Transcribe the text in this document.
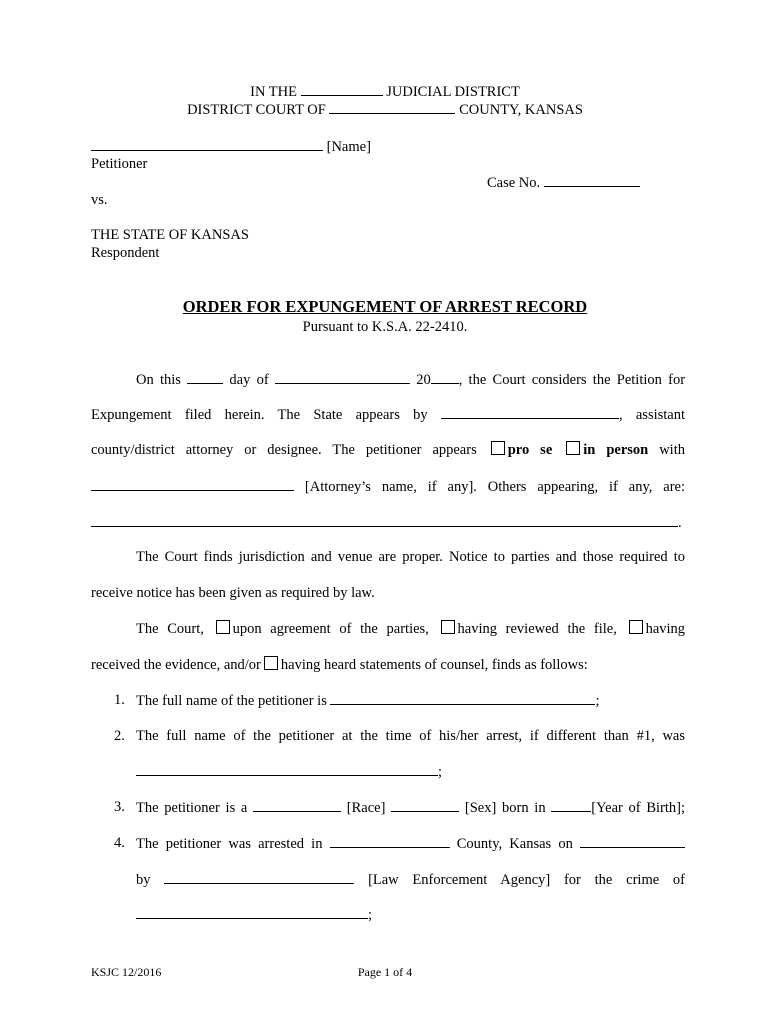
IN THE	JUDICIAL DISTRICT
DISTRICT COURT OF	COUNTY, KANSAS
[Name]
Petitioner
Case No.
vs.
THE STATE OF KANSAS
Respondent
ORDER FOR EXPUNGEMENT OF ARREST RECORD
Pursuant to K.S.A. 22-2410.
On this	day of	20 , the Court considers the Petition for
Expungement filed herein. The State appears by	, assistant
county/district attorney or designee. The petitioner appears pro se in person with
[Attorney’s name, if any]. Others appearing, if any, are:
.
The Court finds jurisdiction and venue are proper. Notice to parties and those required to
receive notice has been given as required by law.
The Court, upon agreement of the parties, having reviewed the file, having
received the evidence, and/or having heard statements of counsel, finds as follows:
1. The full name of the petitioner is	;
2. The full name of the petitioner at the time of his/her arrest, if different than #1, was
;
3. The petitioner is a	[Race]	[Sex] born in	[Year of Birth];
4. The petitioner was arrested in	County, Kansas on
by	[Law Enforcement Agency] for the crime of
;
KSJC 12/2016	Page 1 of 4
